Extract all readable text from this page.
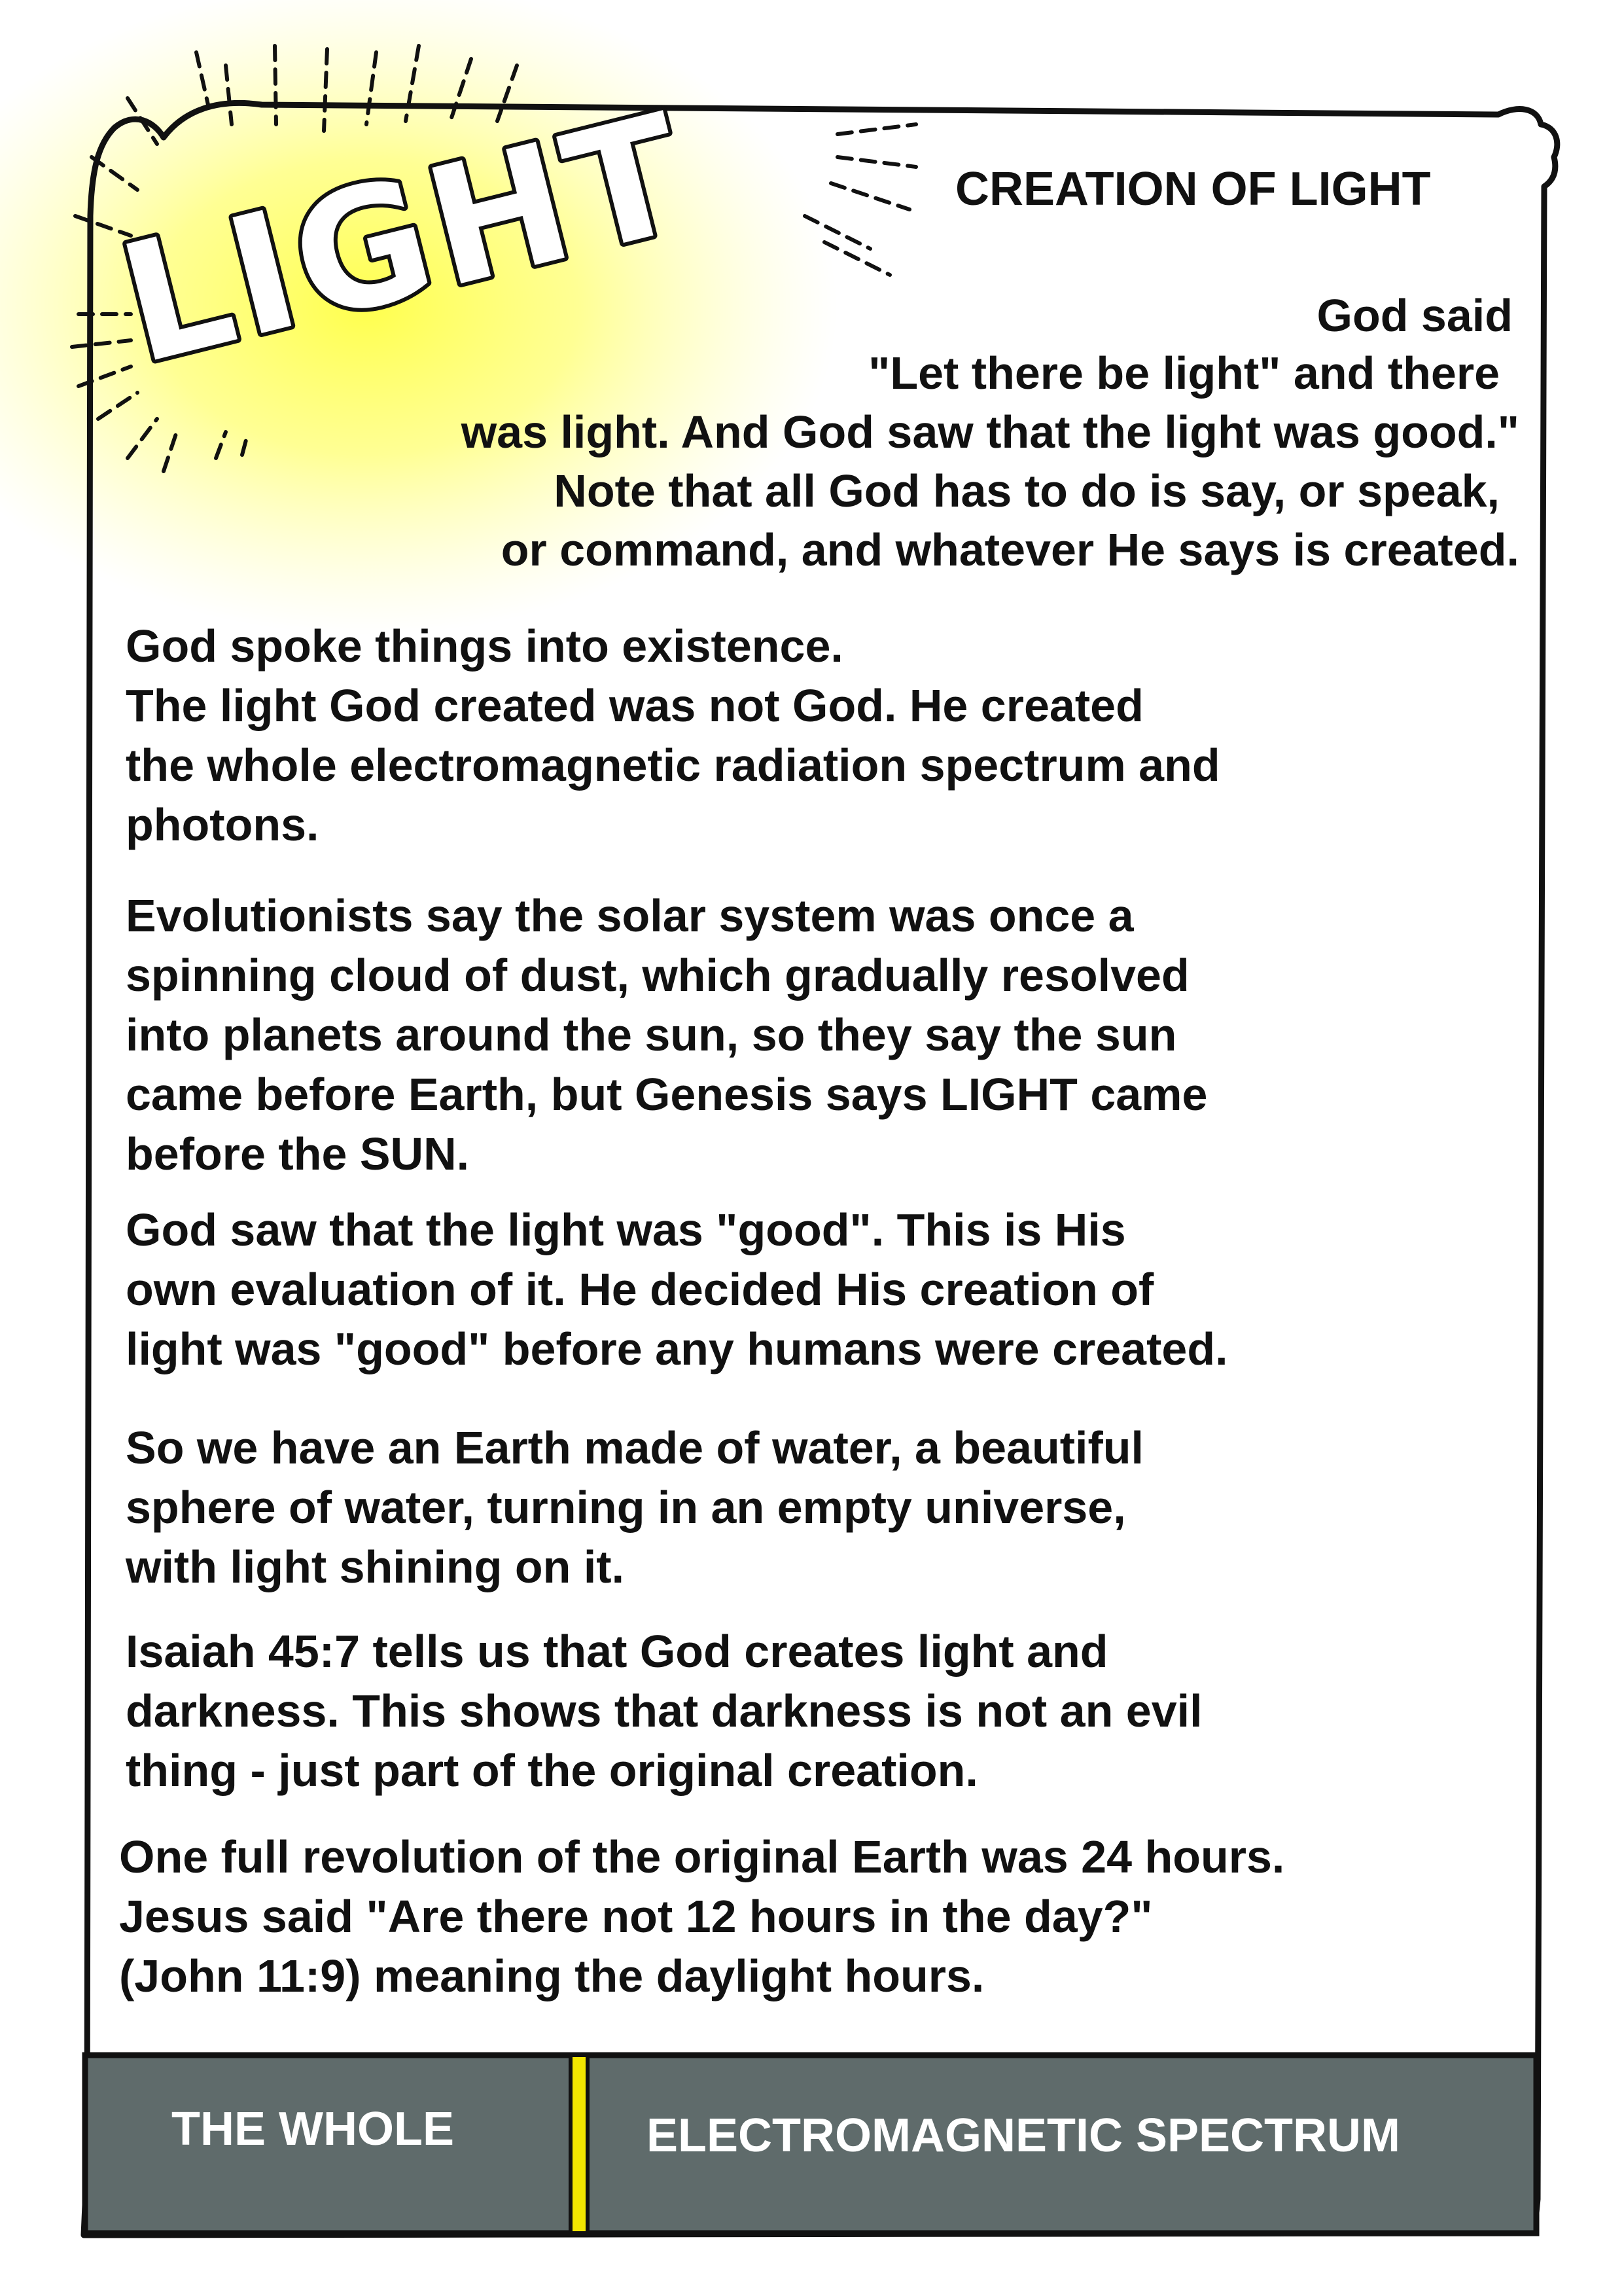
LIGHT	CREATION OF LIGHT

God said

"Let there be light" and there

was light. And God saw that the light was good."

Note that all God has to do is say, or speak,

or command, and whatever He says is created.

God spoke things into existence.
The light God created was not God. He created
the whole electromagnetic radiation spectrum and
photons.
Evolutionists say the solar system was once a
spinning cloud of dust, which gradually resolved
into planets around the sun, so they say the sun
came before Earth, but Genesis says LIGHT came
before the SUN.
God saw that the light was "good". This is His
own evaluation of it. He decided His creation of
light was "good" before any humans were created.
So we have an Earth made of water, a beautiful
sphere of water, turning in an empty universe,
with light shining on it.
Isaiah 45:7 tells us that God creates light and
darkness. This shows that darkness is not an evil
thing - just part of the original creation.
One full revolution of the original Earth was 24 hours.
Jesus said "Are there not 12 hours in the day?"
(John 11:9) meaning the daylight hours.

THE WHOLE	ELECTROMAGNETIC SPECTRUM
